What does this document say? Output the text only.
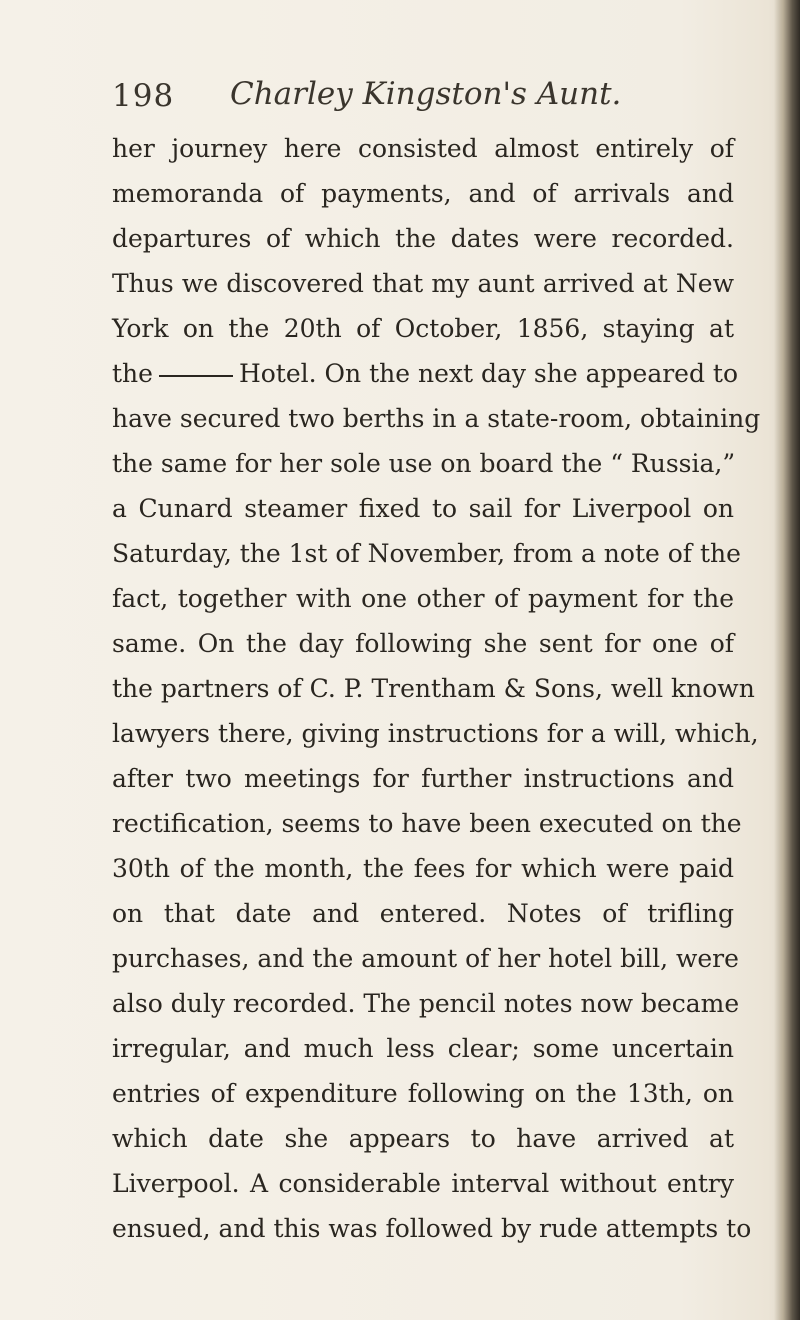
198 Charley Kingston's Aunt.
her journey here consisted almost entirely of
memoranda of payments, and of arrivals and
departures of which the dates were recorded.
Thus we discovered that my aunt arrived at New
York on the 20th of October, 1856, staying at
the	Hotel. On the next day she appeared to
have secured two berths in a state-room, obtaining
the same for her sole use on board the “ Russia,”
a Cunard steamer fixed to sail for Liverpool on
Saturday, the 1st of November, from a note of the
fact, together with one other of payment for the
same. On the day following she sent for one of
the partners of C. P. Trentham & Sons, well known
lawyers there, giving instructions for a will, which,
after two meetings for further instructions and
rectification, seems to have been executed on the
30th of the month, the fees for which were paid
on that date and entered. Notes of trifling
purchases, and the amount of her hotel bill, were
also duly recorded. The pencil notes now became
irregular, and much less clear; some uncertain
entries of expenditure following on the 13th, on
which date she appears to have arrived at
Liverpool. A considerable interval without entry
ensued, and this was followed by rude attempts to
